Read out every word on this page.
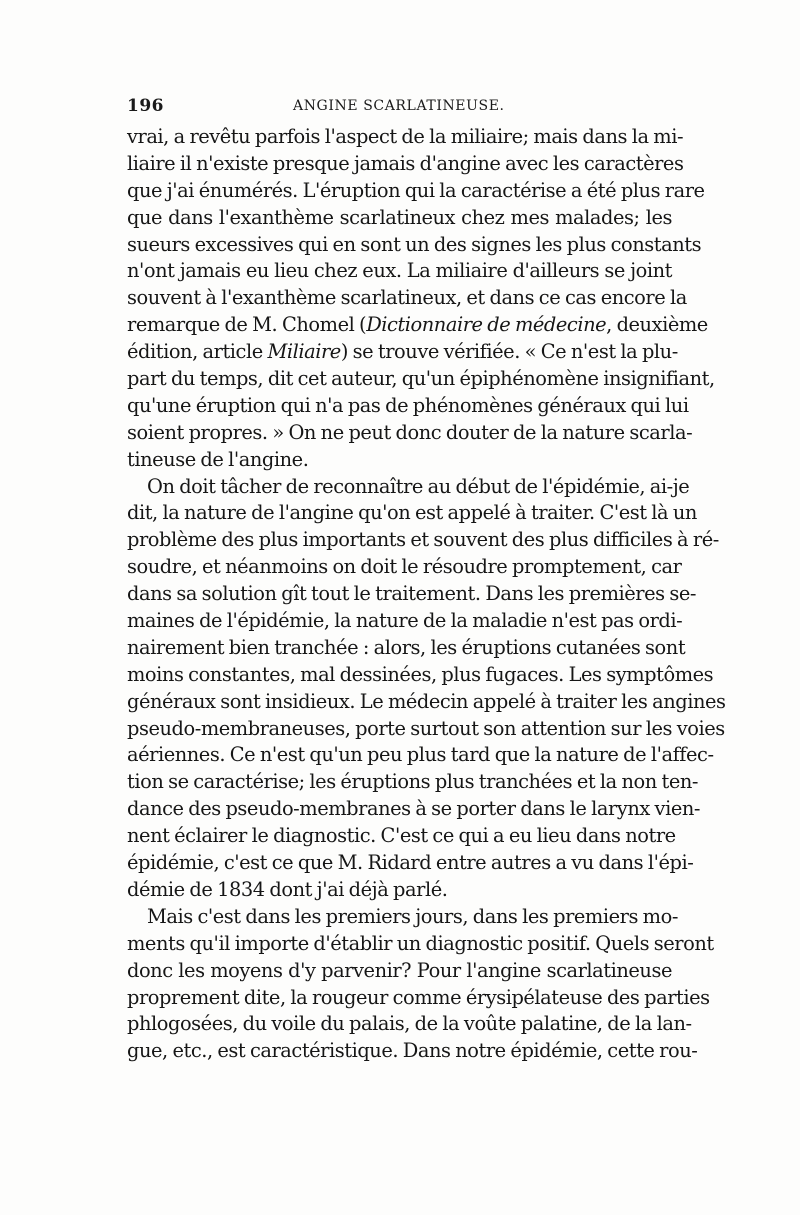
196	ANGINE SCARLATINEUSE.
vrai, a revêtu parfois l'aspect de la miliaire; mais dans la mi-
liaire il n'existe presque jamais d'angine avec les caractères
que j'ai énumérés. L'éruption qui la caractérise a été plus rare
que dans l'exanthème scarlatineux chez mes malades; les
sueurs excessives qui en sont un des signes les plus constants
n'ont jamais eu lieu chez eux. La miliaire d'ailleurs se joint
souvent à l'exanthème scarlatineux, et dans ce cas encore la
remarque de M. Chomel (Dictionnaire de médecine, deuxième
édition, article Miliaire) se trouve vérifiée. « Ce n'est la plu-
part du temps, dit cet auteur, qu'un épiphénomène insignifiant,
qu'une éruption qui n'a pas de phénomènes généraux qui lui
soient propres. » On ne peut donc douter de la nature scarla-
tineuse de l'angine.
On doit tâcher de reconnaître au début de l'épidémie, ai-je
dit, la nature de l'angine qu'on est appelé à traiter. C'est là un
problème des plus importants et souvent des plus difficiles à ré-
soudre, et néanmoins on doit le résoudre promptement, car
dans sa solution gît tout le traitement. Dans les premières se-
maines de l'épidémie, la nature de la maladie n'est pas ordi-
nairement bien tranchée : alors, les éruptions cutanées sont
moins constantes, mal dessinées, plus fugaces. Les symptômes
généraux sont insidieux. Le médecin appelé à traiter les angines
pseudo-membraneuses, porte surtout son attention sur les voies
aériennes. Ce n'est qu'un peu plus tard que la nature de l'affec-
tion se caractérise; les éruptions plus tranchées et la non ten-
dance des pseudo-membranes à se porter dans le larynx vien-
nent éclairer le diagnostic. C'est ce qui a eu lieu dans notre
épidémie, c'est ce que M. Ridard entre autres a vu dans l'épi-
démie de 1834 dont j'ai déjà parlé.
Mais c'est dans les premiers jours, dans les premiers mo-
ments qu'il importe d'établir un diagnostic positif. Quels seront
donc les moyens d'y parvenir? Pour l'angine scarlatineuse
proprement dite, la rougeur comme érysipélateuse des parties
phlogosées, du voile du palais, de la voûte palatine, de la lan-
gue, etc., est caractéristique. Dans notre épidémie, cette rou-
